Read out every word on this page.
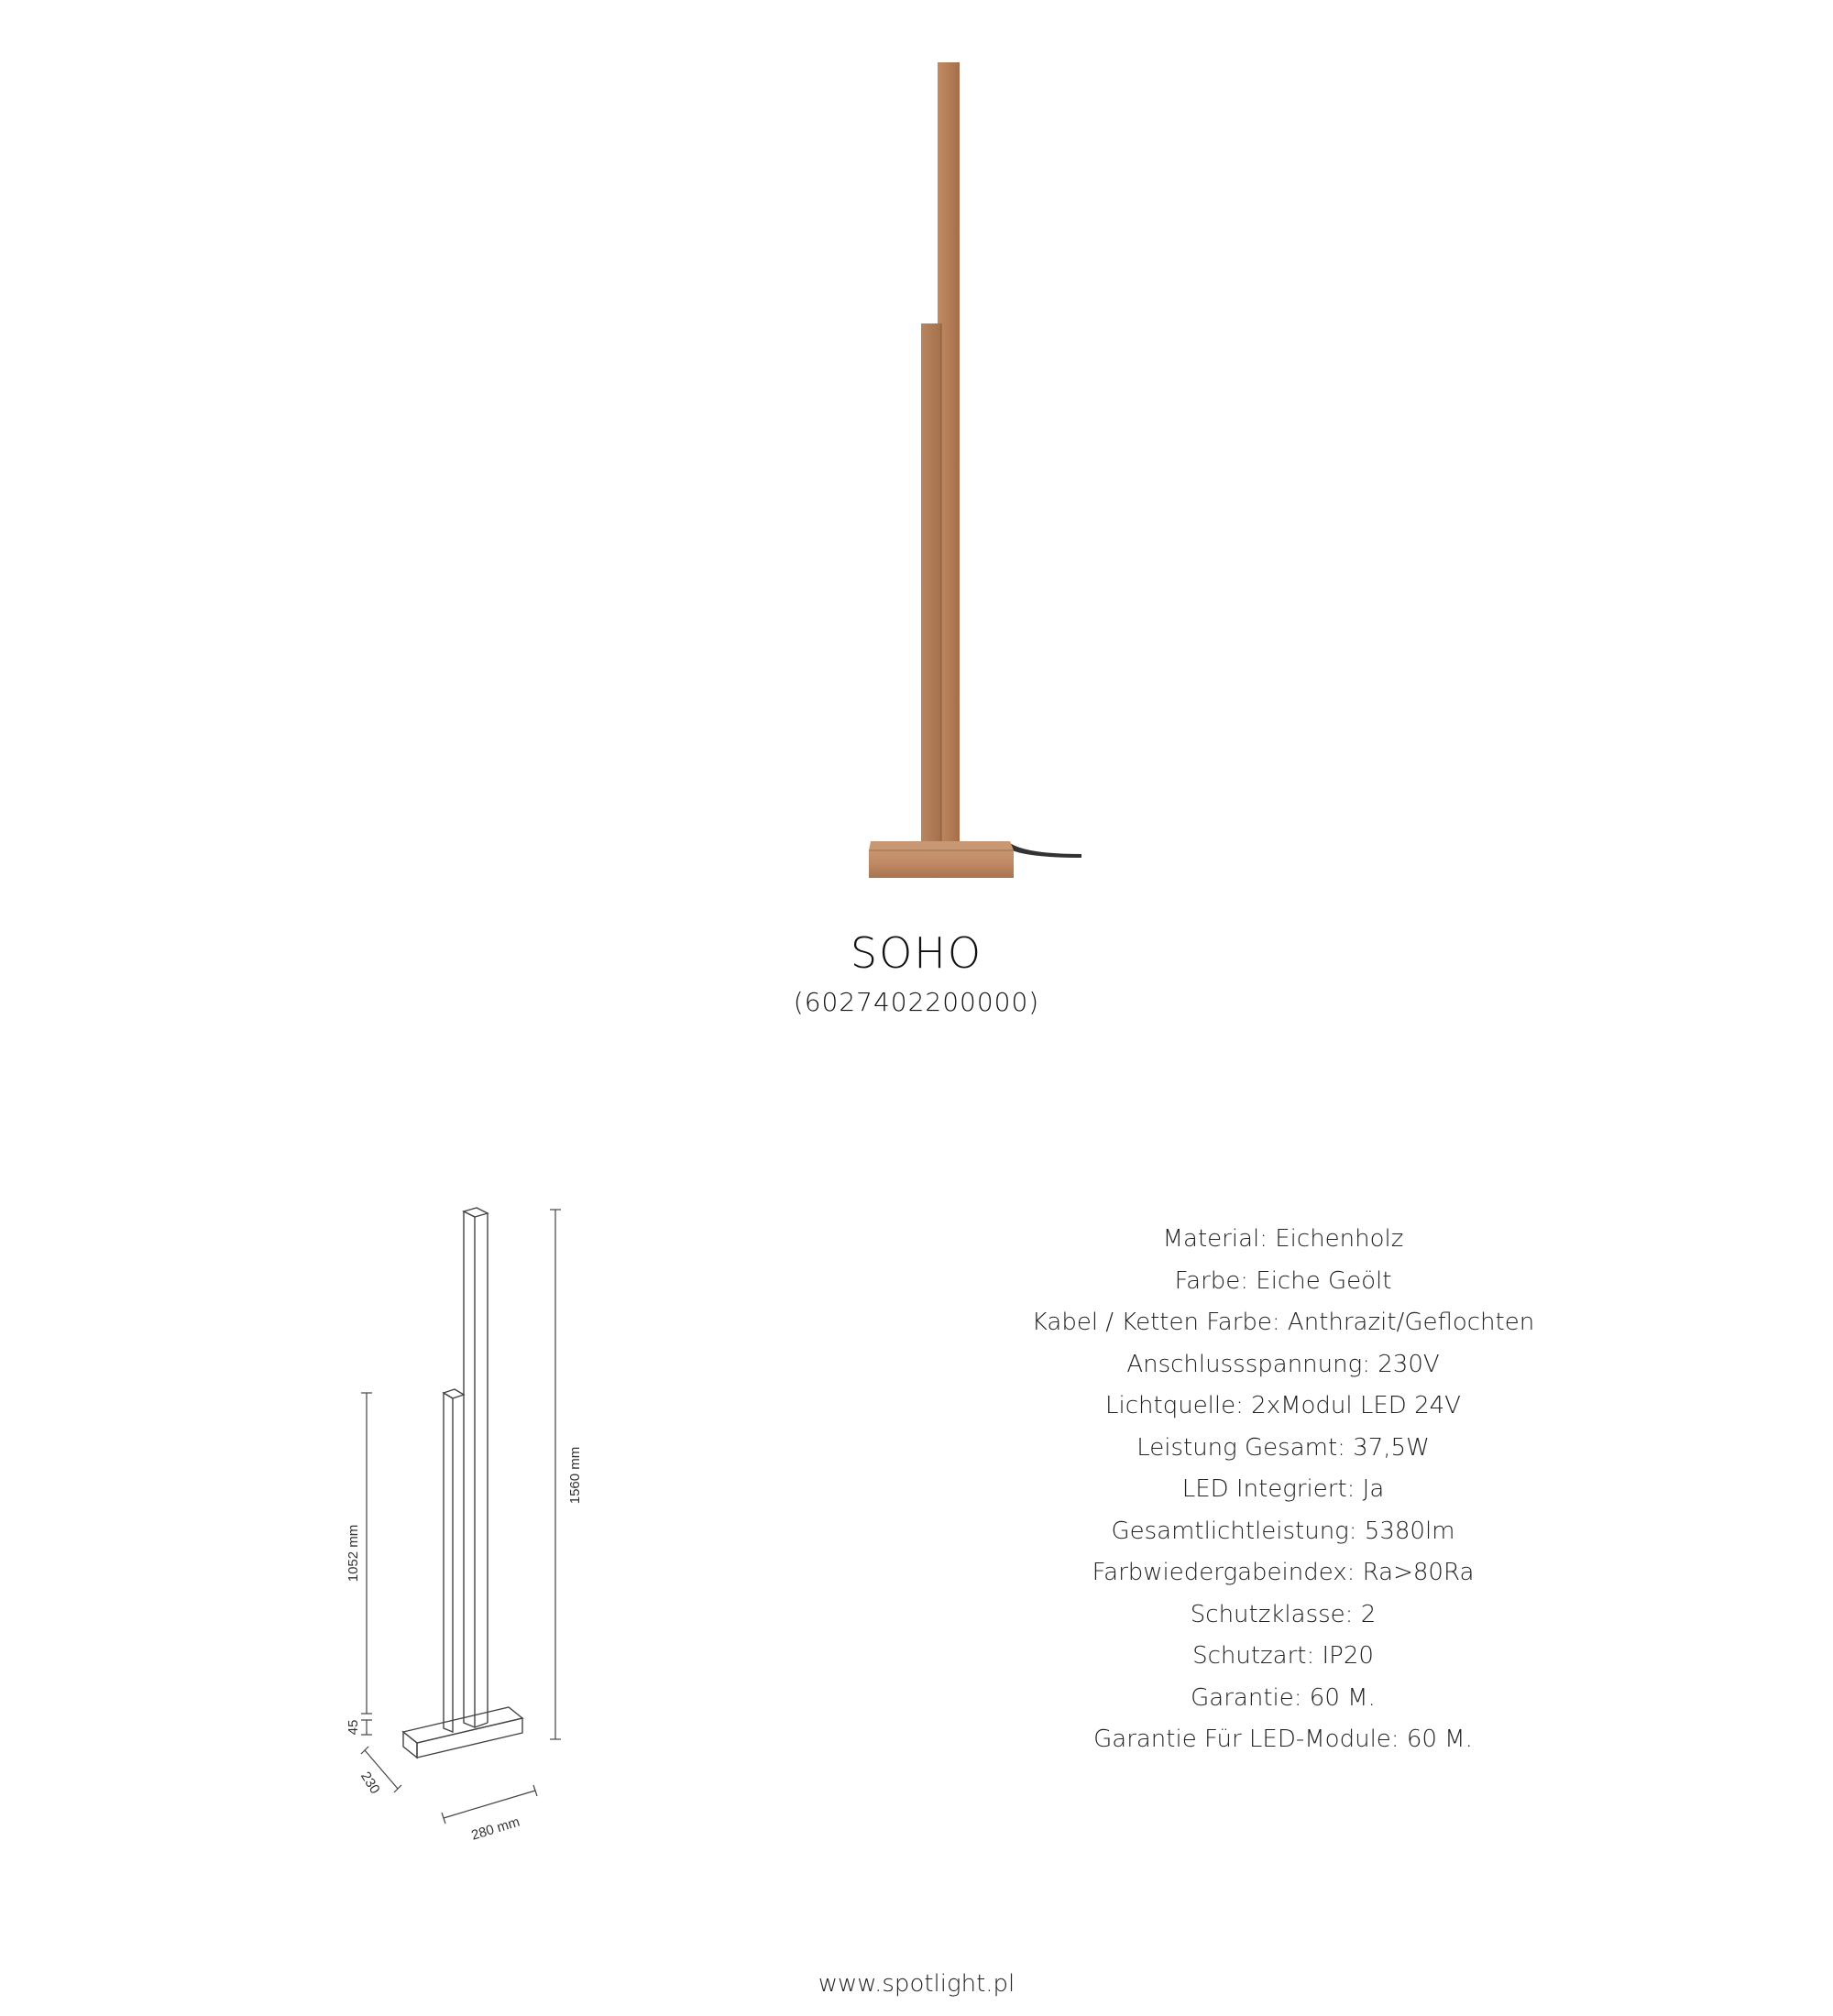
SOHO
(6027402200000)
1560 mm
1052 mm
45
230
280 mm
Material: Eichenholz
Farbe: Eiche Geölt
Kabel / Ketten Farbe: Anthrazit/Geflochten
Anschlussspannung: 230V
Lichtquelle: 2xModul LED 24V
Leistung Gesamt: 37,5W
LED Integriert: Ja
Gesamtlichtleistung: 5380lm
Farbwiedergabeindex: Ra>80Ra
Schutzklasse: 2
Schutzart: IP20
Garantie: 60 M.
Garantie Für LED-Module: 60 M.
www.spotlight.pl
